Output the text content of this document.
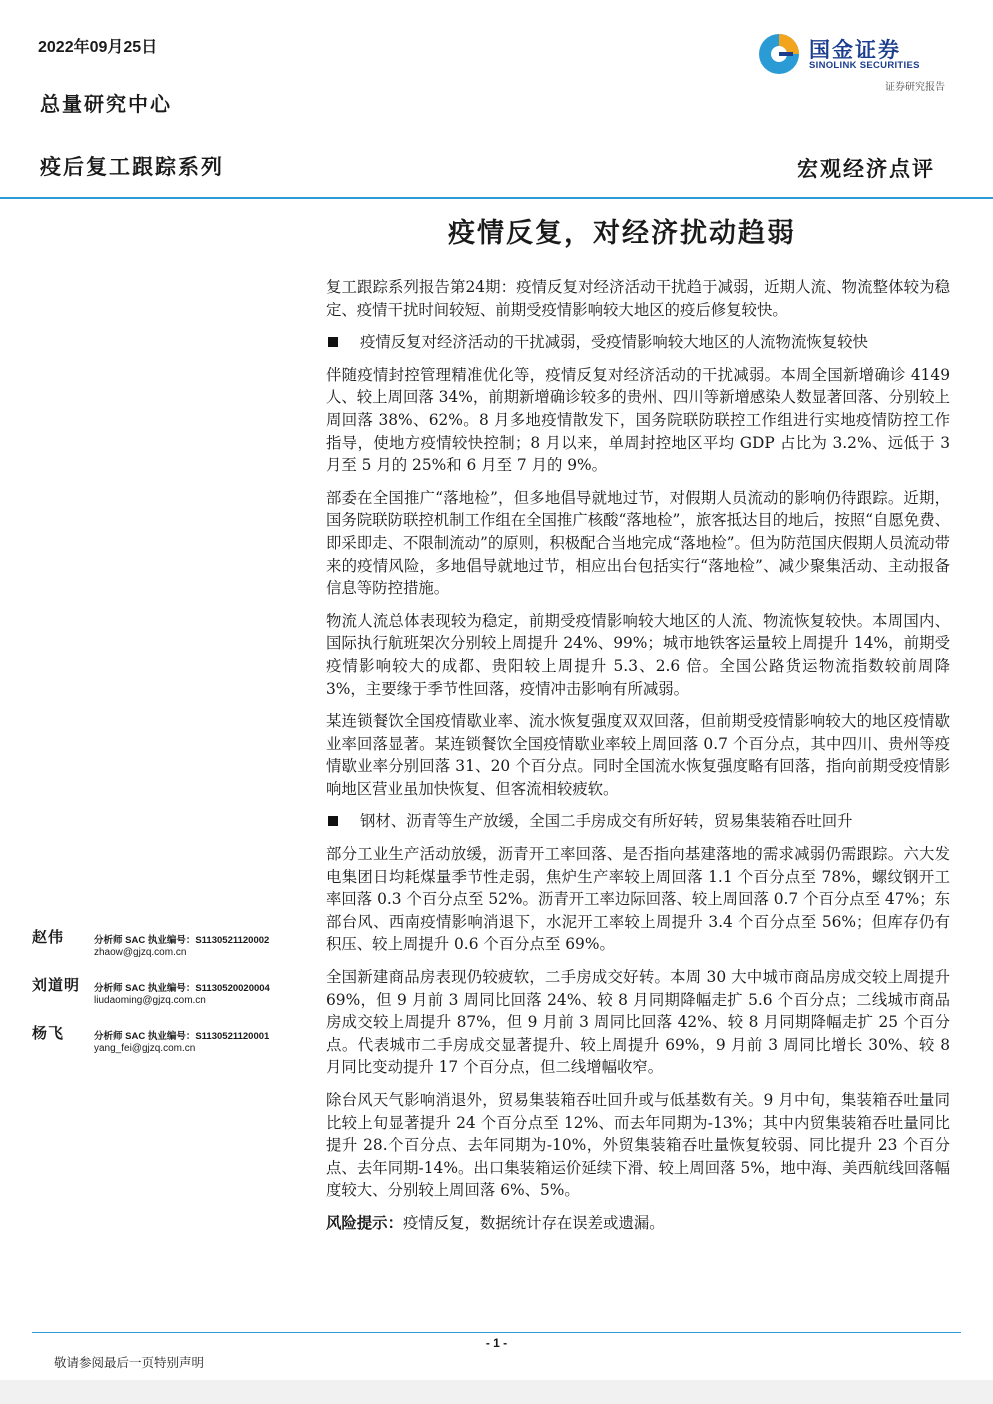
2022年09月25日
总量研究中心
疫后复工跟踪系列	宏观经济点评
国金证券
SINOLINK SECURITIES
证券研究报告
疫情反复，对经济扰动趋弱

复工跟踪系列报告第24期：疫情反复对经济活动干扰趋于减弱，近期人流、物流整体较为稳定、疫情干扰时间较短、前期受疫情影响较大地区的疫后修复较快。

疫情反复对经济活动的干扰减弱，受疫情影响较大地区的人流物流恢复较快

伴随疫情封控管理精准优化等，疫情反复对经济活动的干扰减弱。本周全国新增确诊 4149 人、较上周回落 34%，前期新增确诊较多的贵州、四川等新增感染人数显著回落、分别较上周回落 38%、62%。8 月多地疫情散发下，国务院联防联控工作组进行实地疫情防控工作指导，使地方疫情较快控制；8 月以来，单周封控地区平均 GDP 占比为 3.2%、远低于 3 月至 5 月的 25%和 6 月至 7 月的 9%。

部委在全国推广“落地检”，但多地倡导就地过节，对假期人员流动的影响仍待跟踪。近期，国务院联防联控机制工作组在全国推广核酸“落地检”，旅客抵达目的地后，按照“自愿免费、即采即走、不限制流动”的原则，积极配合当地完成“落地检”。但为防范国庆假期人员流动带来的疫情风险，多地倡导就地过节，相应出台包括实行“落地检”、减少聚集活动、主动报备信息等防控措施。

物流人流总体表现较为稳定，前期受疫情影响较大地区的人流、物流恢复较快。本周国内、国际执行航班架次分别较上周提升 24%、99%；城市地铁客运量较上周提升 14%，前期受疫情影响较大的成都、贵阳较上周提升 5.3、2.6 倍。全国公路货运物流指数较前周降 3%，主要缘于季节性回落，疫情冲击影响有所减弱。

某连锁餐饮全国疫情歇业率、流水恢复强度双双回落，但前期受疫情影响较大的地区疫情歇业率回落显著。某连锁餐饮全国疫情歇业率较上周回落 0.7 个百分点，其中四川、贵州等疫情歇业率分别回落 31、20 个百分点。同时全国流水恢复强度略有回落，指向前期受疫情影响地区营业虽加快恢复、但客流相较疲软。

钢材、沥青等生产放缓，全国二手房成交有所好转，贸易集装箱吞吐回升

部分工业生产活动放缓，沥青开工率回落、是否指向基建落地的需求减弱仍需跟踪。六大发电集团日均耗煤量季节性走弱，焦炉生产率较上周回落 1.1 个百分点至 78%，螺纹钢开工率回落 0.3 个百分点至 52%。沥青开工率边际回落、较上周回落 0.7 个百分点至 47%；东部台风、西南疫情影响消退下，水泥开工率较上周提升 3.4 个百分点至 56%；但库存仍有积压、较上周提升 0.6 个百分点至 69%。

全国新建商品房表现仍较疲软，二手房成交好转。本周 30 大中城市商品房成交较上周提升 69%，但 9 月前 3 周同比回落 24%、较 8 月同期降幅走扩 5.6 个百分点；二线城市商品房成交较上周提升 87%，但 9 月前 3 周同比回落 42%、较 8 月同期降幅走扩 25 个百分点。代表城市二手房成交显著提升、较上周提升 69%，9 月前 3 周同比增长 30%、较 8 月同比变动提升 17 个百分点，但二线增幅收窄。

除台风天气影响消退外，贸易集装箱吞吐回升或与低基数有关。9 月中旬，集装箱吞吐量同比较上旬显著提升 24 个百分点至 12%、而去年同期为-13%；其中内贸集装箱吞吐量同比提升 28.个百分点、去年同期为-10%，外贸集装箱吞吐量恢复较弱、同比提升 23 个百分点、去年同期-14%。出口集装箱运价延续下滑、较上周回落 5%，地中海、美西航线回落幅度较大、分别较上周回落 6%、5%。

风险提示：疫情反复，数据统计存在误差或遗漏。

赵伟	分析师 SAC 执业编号：S1130521120002
zhaow@gjzq.com.cn
刘道明 分析师 SAC 执业编号：S1130520020004
liudaoming@gjzq.com.cn
杨飞	分析师 SAC 执业编号：S1130521120001
yang_fei@gjzq.com.cn
- 1 -
敬请参阅最后一页特别声明
